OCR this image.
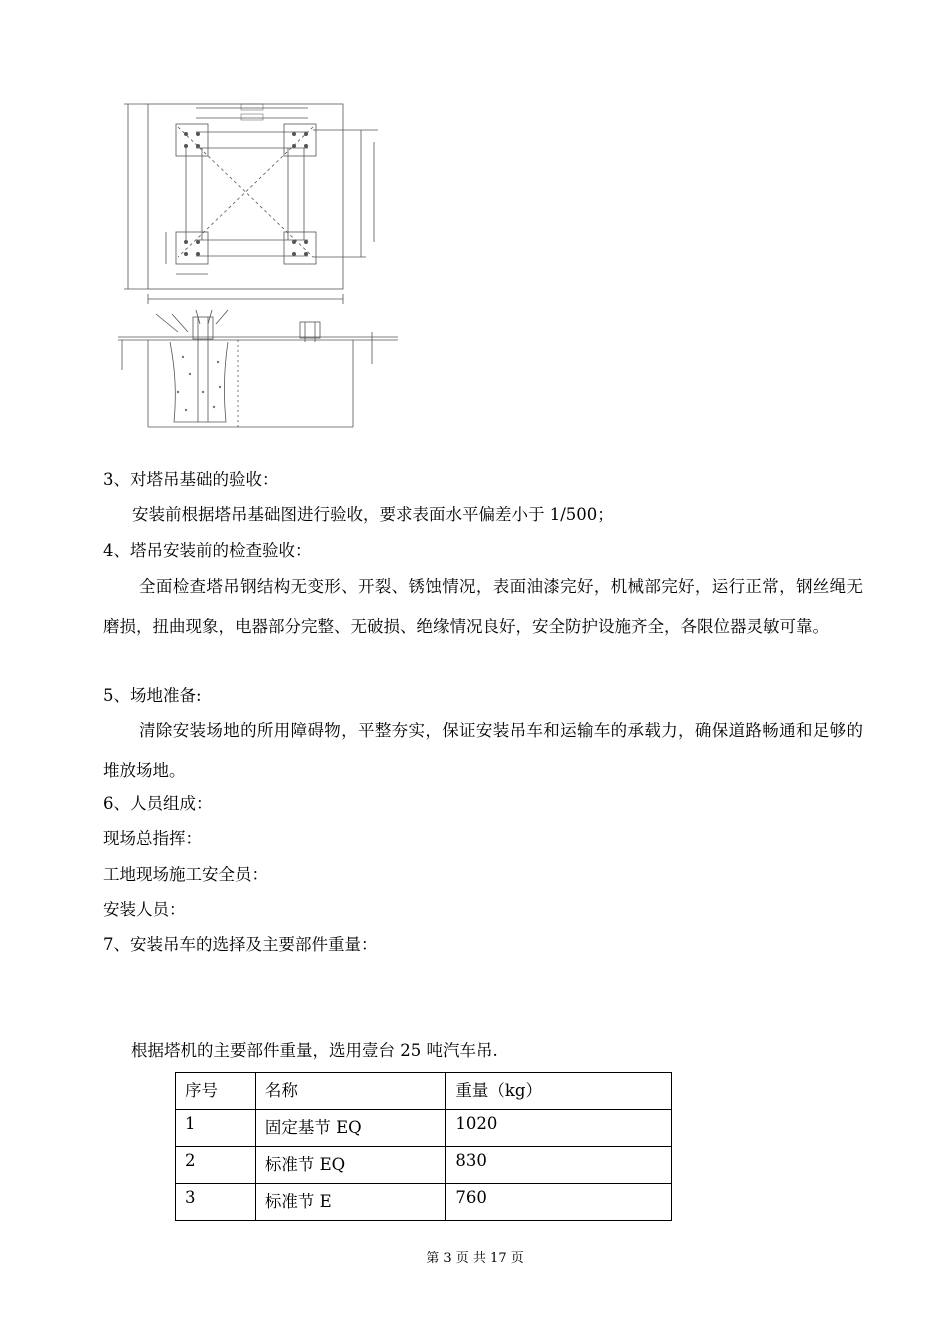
3、对塔吊基础的验收：
安装前根据塔吊基础图进行验收，要求表面水平偏差小于 1/500；
4、塔吊安装前的检查验收：
全面检查塔吊钢结构无变形、开裂、锈蚀情况，表面油漆完好，机械部完好，运行正常，钢丝绳无磨损，扭曲现象，电器部分完整、无破损、绝缘情况良好，安全防护设施齐全，各限位器灵敏可靠。
5、场地准备:
清除安装场地的所用障碍物，平整夯实，保证安装吊车和运输车的承载力，确保道路畅通和足够的堆放场地。
6、人员组成：
现场总指挥：
工地现场施工安全员：
安装人员：
7、安装吊车的选择及主要部件重量：
根据塔机的主要部件重量，选用壹台 25 吨汽车吊.
序号	名称	重量（kg）
1	固定基节 EQ	1020
2	标准节 EQ	830
3	标准节 E	760
第 3 页 共 17 页
